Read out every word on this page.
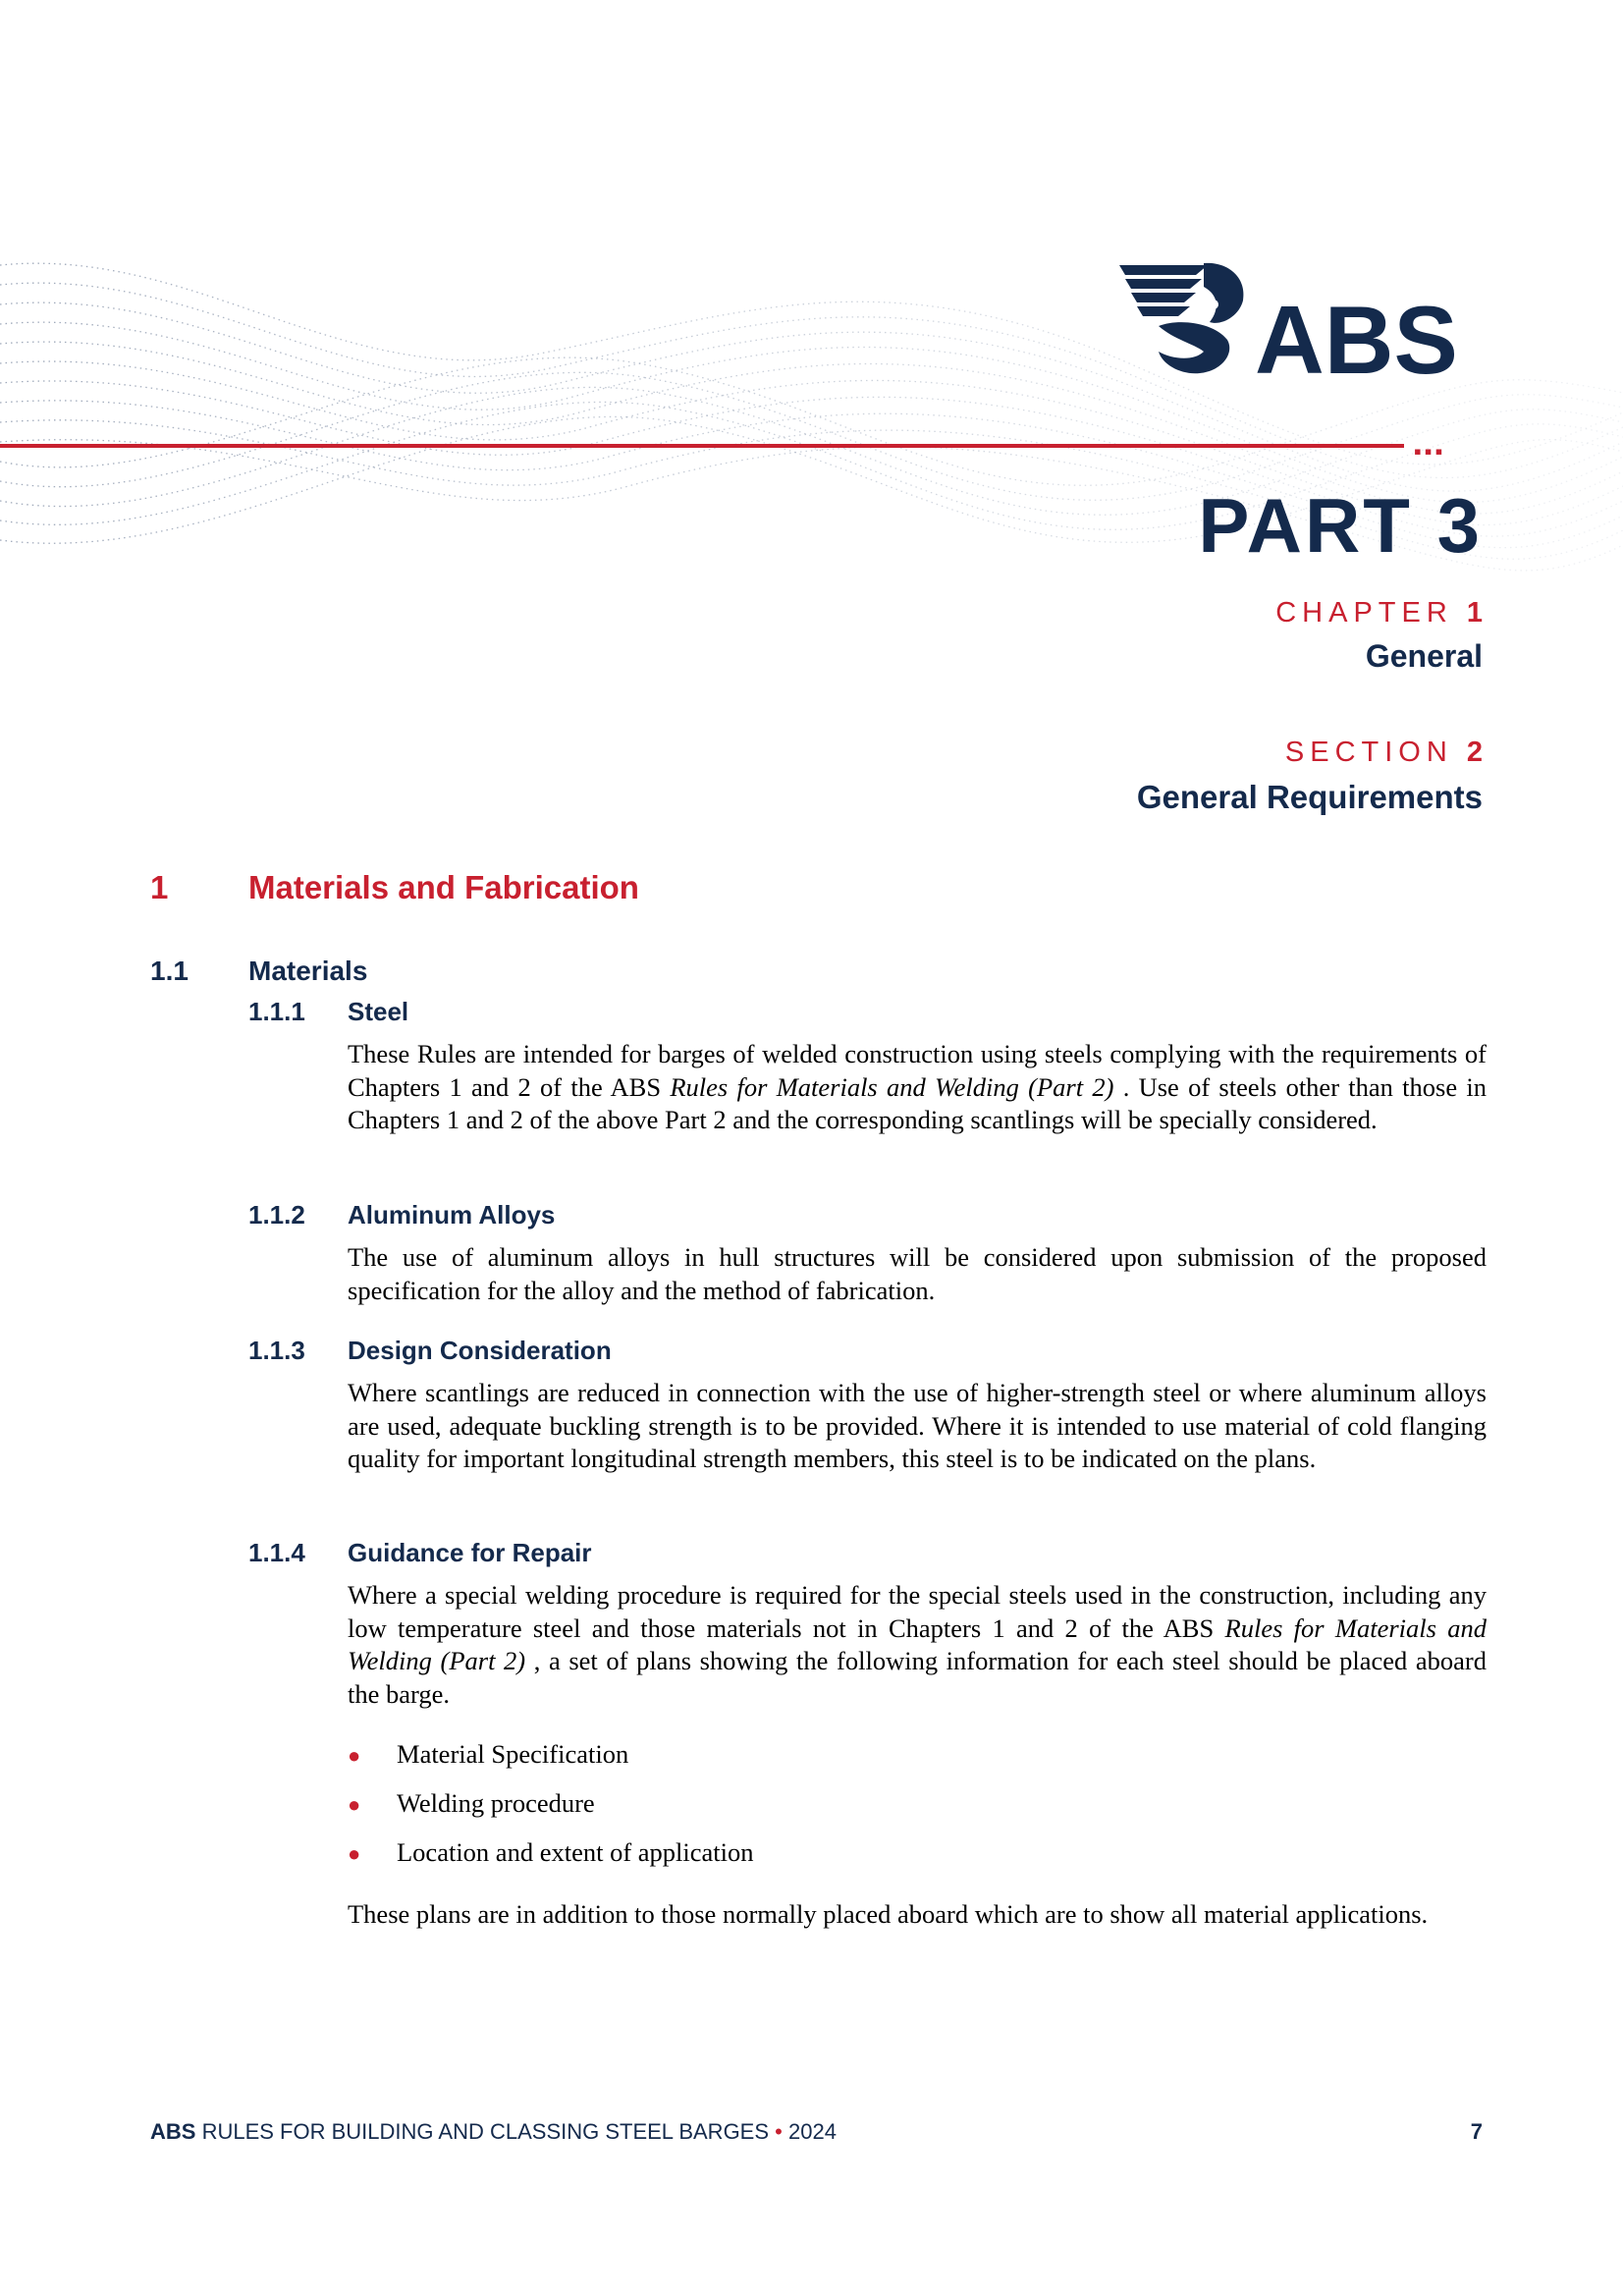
ABS
▪▪▪
PART 3
CHAPTER 1
General
SECTION 2
General Requirements
1 Materials and Fabrication
1.1 Materials
1.1.1 Steel

These Rules are intended for barges of welded construction using steels complying with the requirements of Chapters 1 and 2 of the ABS Rules for Materials and Welding (Part 2) . Use of steels other than those in Chapters 1 and 2 of the above Part 2 and the corresponding scantlings will be specially considered.

1.1.2 Aluminum Alloys

The use of aluminum alloys in hull structures will be considered upon submission of the proposed specification for the alloy and the method of fabrication.

1.1.3 Design Consideration

Where scantlings are reduced in connection with the use of higher-strength steel or where aluminum alloys are used, adequate buckling strength is to be provided. Where it is intended to use material of cold flanging quality for important longitudinal strength members, this steel is to be indicated on the plans.

1.1.4 Guidance for Repair

Where a special welding procedure is required for the special steels used in the construction, including any low temperature steel and those materials not in Chapters 1 and 2 of the ABS Rules for Materials and Welding (Part 2) , a set of plans showing the following information for each steel should be placed aboard the barge.

● Material Specification
● Welding procedure
● Location and extent of application

These plans are in addition to those normally placed aboard which are to show all material applications.

ABS RULES FOR BUILDING AND CLASSING STEEL BARGES • 2024	7
